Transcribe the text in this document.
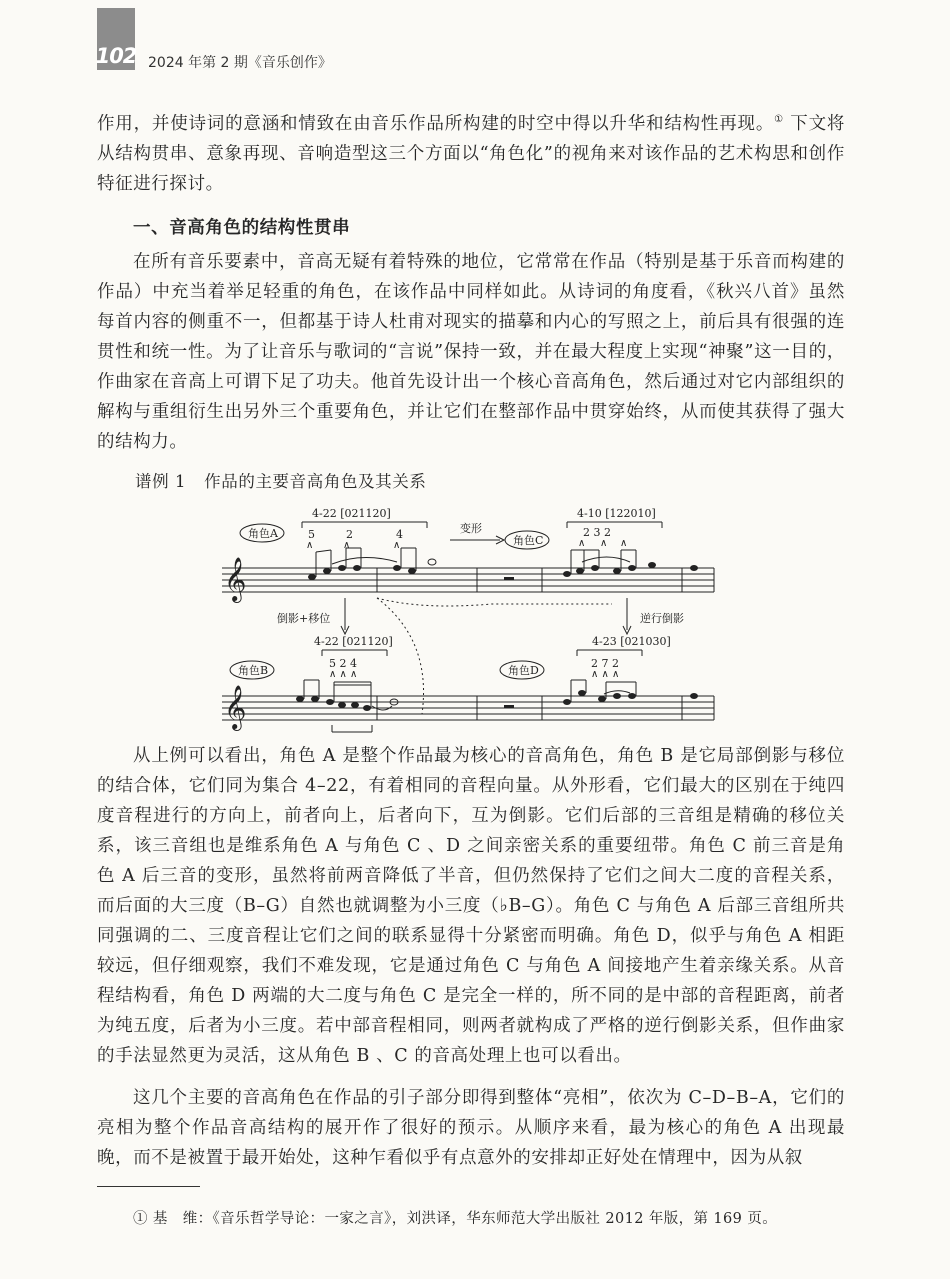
102 2024 年第 2 期《音乐创作》
作用，并使诗词的意涵和情致在由音乐作品所构建的时空中得以升华和结构性再现。① 下文将从结构贯串、意象再现、音响造型这三个方面以“角色化”的视角来对该作品的艺术构思和创作特征进行探讨。
一、音高角色的结构性贯串
在所有音乐要素中，音高无疑有着特殊的地位，它常常在作品（特别是基于乐音而构建的作品）中充当着举足轻重的角色，在该作品中同样如此。从诗词的角度看，《秋兴八首》虽然每首内容的侧重不一，但都基于诗人杜甫对现实的描摹和内心的写照之上，前后具有很强的连贯性和统一性。为了让音乐与歌词的“言说”保持一致，并在最大程度上实现“神聚”这一目的，作曲家在音高上可谓下足了功夫。他首先设计出一个核心音高角色，然后通过对它内部组织的解构与重组衍生出另外三个重要角色，并让它们在整部作品中贯穿始终，从而使其获得了强大的结构力。
谱例 1 作品的主要音高角色及其关系
𝄞
𝄞
4-22 [021120]	4-10 [122010]
4-22 [021120]	4-23 [021030]
角色A
角色C
角色B	角色D
变形
倒影+移位	逆行倒影
5	2	4	2 3 2
5 2 4	2 7 2
∧	∧	∧	∧ ∧ ∧
∧ ∧ ∧	∧ ∧ ∧
从上例可以看出，角色 A 是整个作品最为核心的音高角色，角色 B 是它局部倒影与移位的结合体，它们同为集合 4–22，有着相同的音程向量。从外形看，它们最大的区别在于纯四度音程进行的方向上，前者向上，后者向下，互为倒影。它们后部的三音组是精确的移位关系，该三音组也是维系角色 A 与角色 C 、D 之间亲密关系的重要纽带。角色 C 前三音是角色 A 后三音的变形，虽然将前两音降低了半音，但仍然保持了它们之间大二度的音程关系，而后面的大三度（B–G）自然也就调整为小三度（♭B–G）。角色 C 与角色 A 后部三音组所共同强调的二、三度音程让它们之间的联系显得十分紧密而明确。角色 D，似乎与角色 A 相距较远，但仔细观察，我们不难发现，它是通过角色 C 与角色 A 间接地产生着亲缘关系。从音程结构看，角色 D 两端的大二度与角色 C 是完全一样的，所不同的是中部的音程距离，前者为纯五度，后者为小三度。若中部音程相同，则两者就构成了严格的逆行倒影关系，但作曲家的手法显然更为灵活，这从角色 B 、C 的音高处理上也可以看出。
这几个主要的音高角色在作品的引子部分即得到整体“亮相”，依次为 C–D–B–A，它们的亮相为整个作品音高结构的展开作了很好的预示。从顺序来看，最为核心的角色 A 出现最晚，而不是被置于最开始处，这种乍看似乎有点意外的安排却正好处在情理中，因为从叙
① 基　维：《音乐哲学导论：一家之言》，刘洪译，华东师范大学出版社 2012 年版，第 169 页。
